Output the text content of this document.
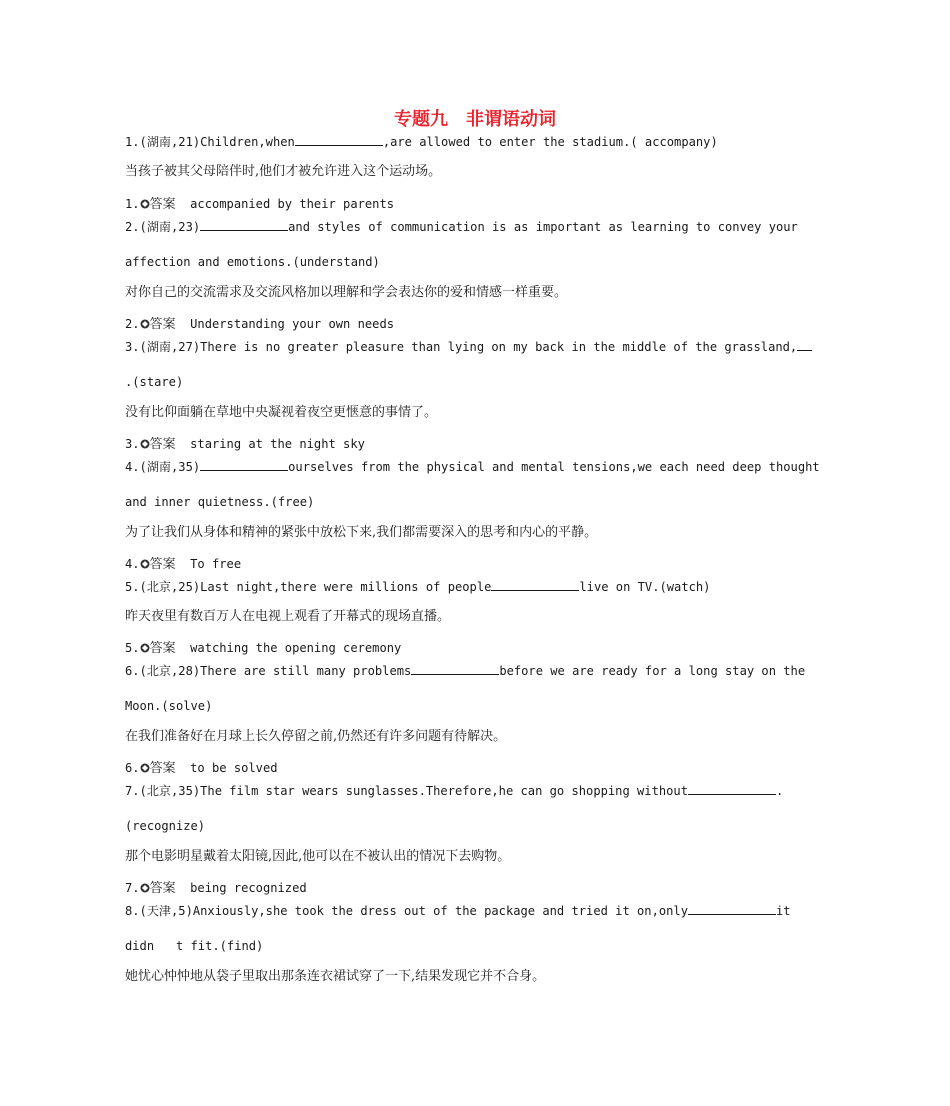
专题九　非谓语动词
1.(湖南,21)Children,when	,are allowed to enter the stadium.( accompany)
当孩子被其父母陪伴时,他们才被允许进入这个运动场。
1. 答案 accompanied by their parents
2.(湖南,23)	and styles of communication is as important as learning to convey your
affection and emotions.(understand)
对你自己的交流需求及交流风格加以理解和学会表达你的爱和情感一样重要。
2. 答案 Understanding your own needs
3.(湖南,27)There is no greater pleasure than lying on my back in the middle of the grassland,
.(stare)
没有比仰面躺在草地中央凝视着夜空更惬意的事情了。
3. 答案 staring at the night sky
4.(湖南,35)	ourselves from the physical and mental tensions,we each need deep thought
and inner quietness.(free)
为了让我们从身体和精神的紧张中放松下来,我们都需要深入的思考和内心的平静。
4. 答案 To free
5.(北京,25)Last night,there were millions of people	live on TV.(watch)
昨天夜里有数百万人在电视上观看了开幕式的现场直播。
5. 答案 watching the opening ceremony
6.(北京,28)There are still many problems	before we are ready for a long stay on the
Moon.(solve)
在我们准备好在月球上长久停留之前,仍然还有许多问题有待解决。
6. 答案 to be solved
7.(北京,35)The film star wears sunglasses.Therefore,he can go shopping without	.
(recognize)
那个电影明星戴着太阳镜,因此,他可以在不被认出的情况下去购物。
7. 答案 being recognized
8.(天津,5)Anxiously,she took the dress out of the package and tried it on,only	it
didn   t fit.(find)
她忧心忡忡地从袋子里取出那条连衣裙试穿了一下,结果发现它并不合身。
